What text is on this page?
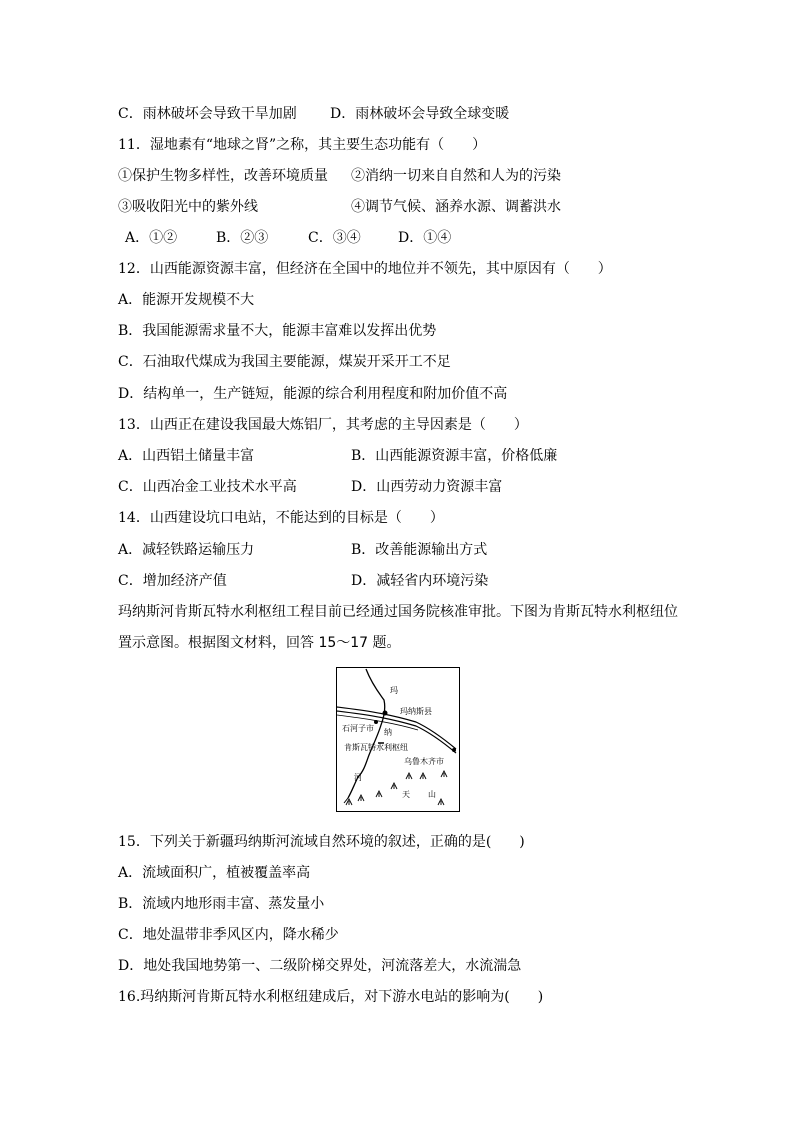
C．雨林破坏会导致干旱加剧 D．雨林破坏会导致全球变暖
11．湿地素有“地球之肾”之称，其主要生态功能有（　　）
①保护生物多样性，改善环境质量 ②消纳一切来自自然和人为的污染
③吸收阳光中的紫外线	④调节气候、涵养水源、调蓄洪水
A．①②	B．②③	C．③④	D．①④
12．山西能源资源丰富，但经济在全国中的地位并不领先，其中原因有（　　）
A．能源开发规模不大
B．我国能源需求量不大，能源丰富难以发挥出优势
C．石油取代煤成为我国主要能源，煤炭开采开工不足
D．结构单一，生产链短，能源的综合利用程度和附加价值不高
13．山西正在建设我国最大炼铝厂，其考虑的主导因素是（　　）
A．山西铝土储量丰富	B．山西能源资源丰富，价格低廉
C．山西冶金工业技术水平高	D．山西劳动力资源丰富
14．山西建设坑口电站，不能达到的目标是（　　）
A．减轻铁路运输压力	B．改善能源输出方式
C．增加经济产值	D．减轻省内环境污染
玛纳斯河肯斯瓦特水利枢纽工程目前已经通过国务院核准审批。下图为肯斯瓦特水利枢纽位
置示意图。根据图文材料，回答 15～17 题。
玛
玛纳斯县
石河子市 纳
肯斯瓦特水利枢纽
乌鲁木齐市
河
天 山
15．下列关于新疆玛纳斯河流域自然环境的叙述，正确的是(　　)
A．流域面积广，植被覆盖率高
B．流域内地形雨丰富、蒸发量小
C．地处温带非季风区内，降水稀少
D．地处我国地势第一、二级阶梯交界处，河流落差大，水流湍急
16.玛纳斯河肯斯瓦特水利枢纽建成后，对下游水电站的影响为(　　)
